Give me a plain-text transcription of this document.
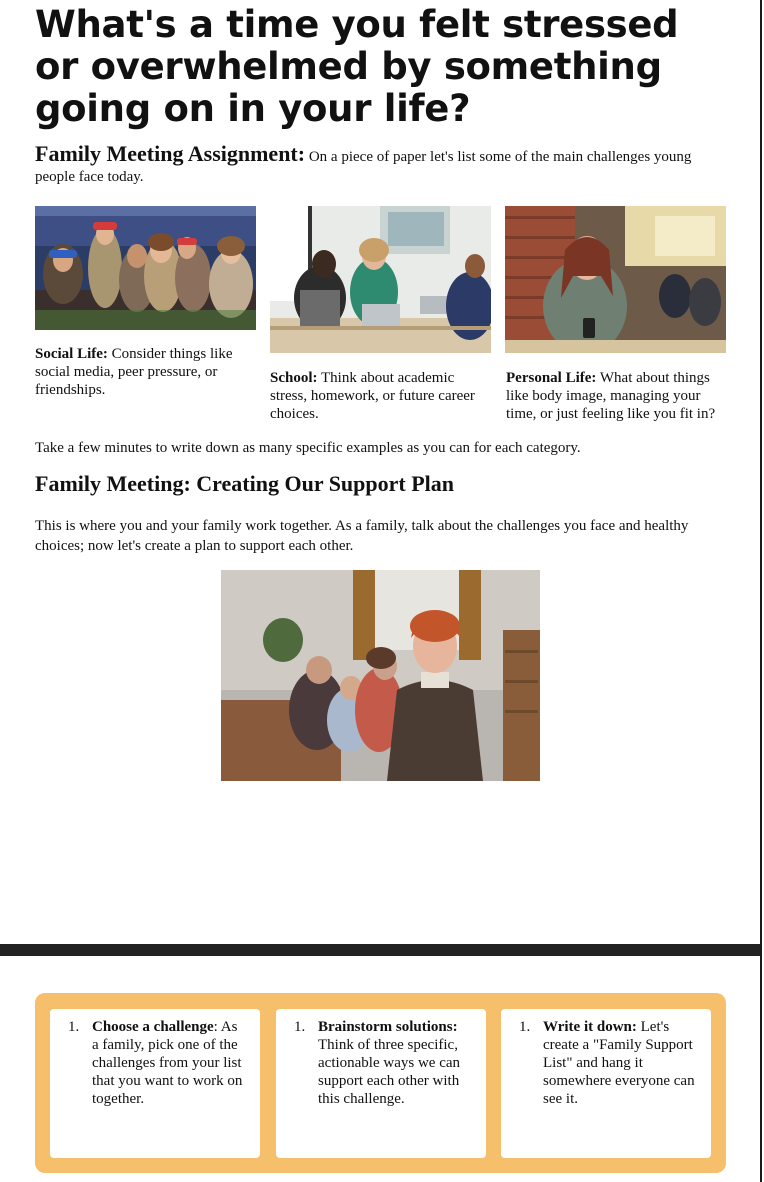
What's a time you felt stressed or overwhelmed by something going on in your life?

Family Meeting Assignment: On a piece of paper let's list some of the main challenges young people face today.

Social Life: Consider things like social media, peer pressure, or friendships.

School: Think about academic stress, homework, or future career choices.

Personal Life: What about things like body image, managing your time, or just feeling like you fit in?

Take a few minutes to write down as many specific examples as you can for each category.

Family Meeting: Creating Our Support Plan

This is where you and your family work together. As a family, talk about the challenges you face and healthy choices; now let's create a plan to support each other.

1. Choose a challenge: As a family, pick one of the challenges from your list that you want to work on together.
1. Brainstorm solutions: Think of three specific, actionable ways we can support each other with this challenge.
1. Write it down: Let's create a "Family Support List" and hang it somewhere everyone can see it.
